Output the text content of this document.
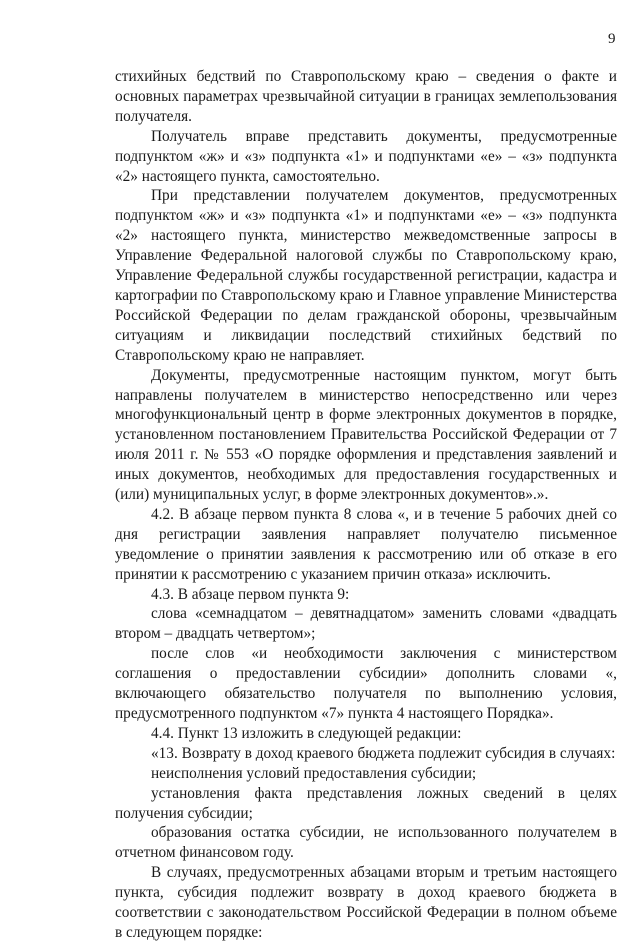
9

стихийных бедствий по Ставропольскому краю – сведения о факте и основных параметрах чрезвычайной ситуации в границах землепользования получателя.

Получатель вправе представить документы, предусмотренные подпунктом «ж» и «з» подпункта «1» и подпунктами «е» – «з» подпункта «2» настоящего пункта, самостоятельно.

При представлении получателем документов, предусмотренных подпунктом «ж» и «з» подпункта «1» и подпунктами «е» – «з» подпункта «2» настоящего пункта, министерство межведомственные запросы в Управление Федеральной налоговой службы по Ставропольскому краю, Управление Федеральной службы государственной регистрации, кадастра и картографии по Ставропольскому краю и Главное управление Министерства Российской Федерации по делам гражданской обороны, чрезвычайным ситуациям и ликвидации последствий стихийных бедствий по Ставропольскому краю не направляет.

Документы, предусмотренные настоящим пунктом, могут быть направлены получателем в министерство непосредственно или через многофункциональный центр в форме электронных документов в порядке, установленном постановлением Правительства Российской Федерации от 7 июля 2011 г. № 553 «О порядке оформления и представления заявлений и иных документов, необходимых для предоставления государственных и (или) муниципальных услуг, в форме электронных документов».».

4.2. В абзаце первом пункта 8 слова «, и в течение 5 рабочих дней со дня регистрации заявления направляет получателю письменное уведомление о принятии заявления к рассмотрению или об отказе в его принятии к рассмотрению с указанием причин отказа» исключить.

4.3. В абзаце первом пункта 9:

слова «семнадцатом – девятнадцатом» заменить словами «двадцать втором – двадцать четвертом»;

после слов «и необходимости заключения с министерством соглашения о предоставлении субсидии» дополнить словами «, включающего обязательство получателя по выполнению условия, предусмотренного подпунктом «7» пункта 4 настоящего Порядка».

4.4. Пункт 13 изложить в следующей редакции:

«13. Возврату в доход краевого бюджета подлежит субсидия в случаях:

неисполнения условий предоставления субсидии;

установления факта представления ложных сведений в целях получения субсидии;

образования остатка субсидии, не использованного получателем в отчетном финансовом году.

В случаях, предусмотренных абзацами вторым и третьим настоящего пункта, субсидия подлежит возврату в доход краевого бюджета в соответствии с законодательством Российской Федерации в полном объеме в следующем порядке:
